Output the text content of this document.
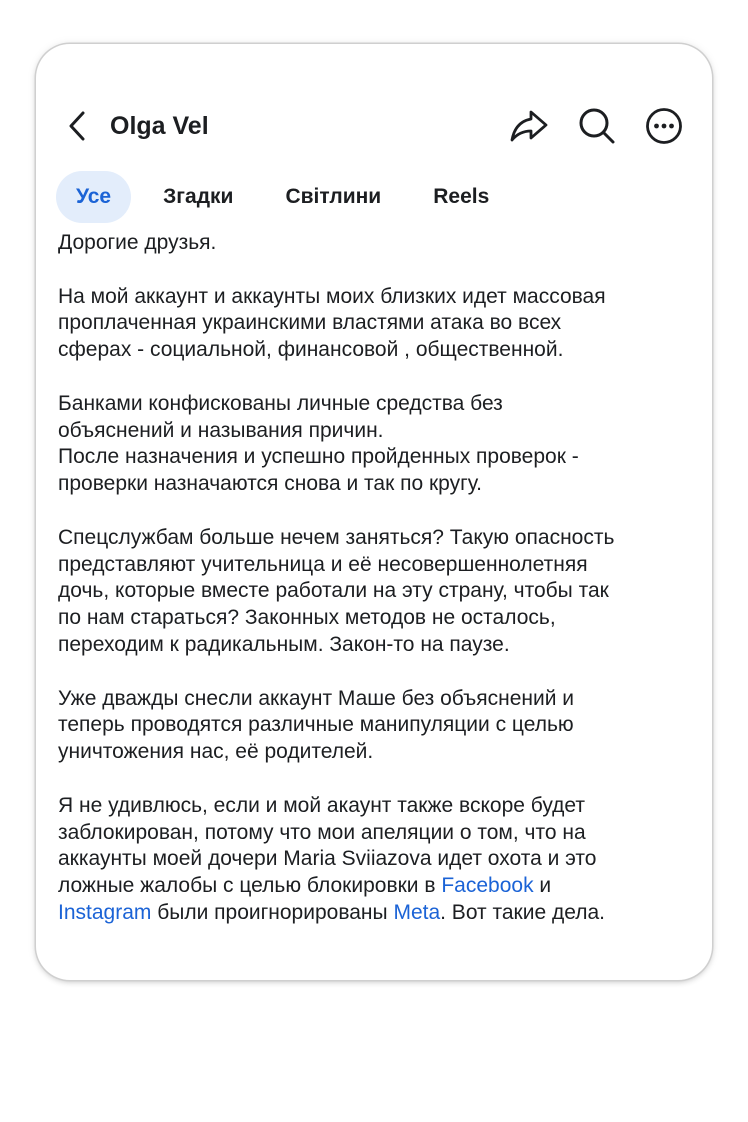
Olga Vel
Усе	Згадки	Світлини	Reels
Дорогие друзья.
На мой аккаунт и аккаунты моих близких идет массовая
проплаченная украинскими властями атака во всех
сферах - социальной, финансовой , общественной.
Банками конфискованы личные средства без
объяснений и называния причин.
После назначения и успешно пройденных проверок -
проверки назначаются снова и так по кругу.
Спецслужбам больше нечем заняться? Такую опасность
представляют учительница и её несовершеннолетняя
дочь, которые вместе работали на эту страну, чтобы так
по нам стараться? Законных методов не осталось,
переходим к радикальным. Закон-то на паузе.
Уже дважды снесли аккаунт Маше без объяснений и
теперь проводятся различные манипуляции с целью
уничтожения нас, её родителей.
Я не удивлюсь, если и мой акаунт также вскоре будет
заблокирован, потому что мои апеляции о том, что на
аккаунты моей дочери Maria Sviiazova идет охота и это
ложные жалобы с целью блокировки в Facebook и
Instagram были проигнорированы Meta. Вот такие дела.
